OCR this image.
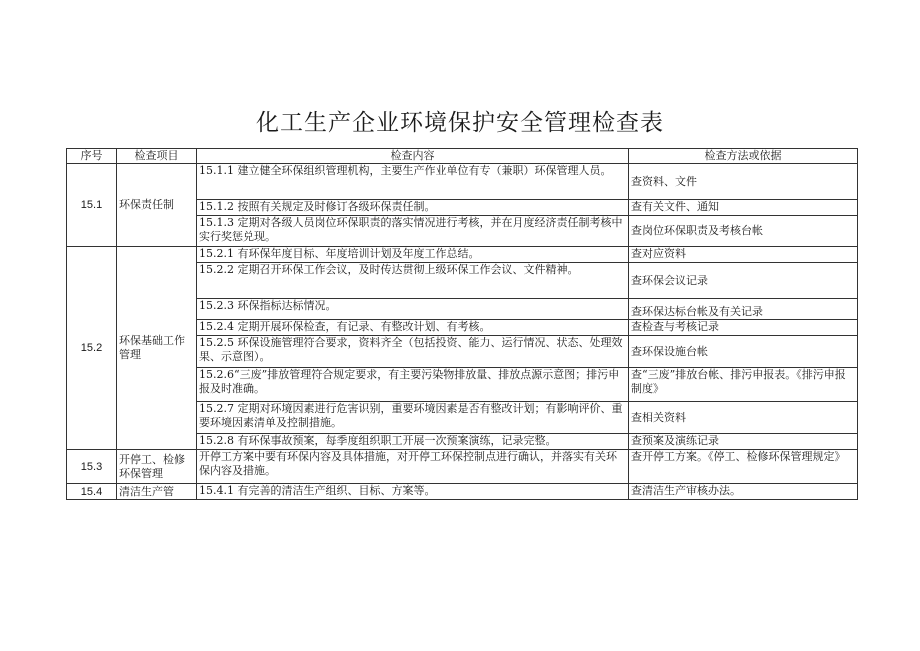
化工生产企业环境保护安全管理检查表
序号	检查项目	检查内容	检查方法或依据
15.1	环保责任制	15.1.1 建立健全环保组织管理机构，主要生产作业单位有专（兼职）环保管理人员。	查资料、文件
		15.1.2 按照有关规定及时修订各级环保责任制。	查有关文件、通知
		15.1.3 定期对各级人员岗位环保职责的落实情况进行考核，并在月度经济责任制考核中实行奖惩兑现。	查岗位环保职责及考核台帐
15.2	环保基础工作管理	15.2.1 有环保年度目标、年度培训计划及年度工作总结。	查对应资料
		15.2.2 定期召开环保工作会议，及时传达贯彻上级环保工作会议、文件精神。	查环保会议记录
		15.2.3 环保指标达标情况。	查环保达标台帐及有关记录
		15.2.4 定期开展环保检查，有记录、有整改计划、有考核。	查检查与考核记录
		15.2.5 环保设施管理符合要求，资料齐全（包括投资、能力、运行情况、状态、处理效果、示意图）。	查环保设施台帐
		15.2.6“三废”排放管理符合规定要求，有主要污染物排放量、排放点源示意图；排污申报及时准确。	查“三废”排放台帐、排污申报表。《排污申报制度》
		15.2.7 定期对环境因素进行危害识别，重要环境因素是否有整改计划；有影响评价、重要环境因素清单及控制措施。	查相关资料
		15.2.8 有环保事故预案，每季度组织职工开展一次预案演练，记录完整。	查预案及演练记录
15.3	开停工、检修环保管理	开停工方案中要有环保内容及具体措施，对开停工环保控制点进行确认，并落实有关环保内容及措施。	查开停工方案。《停工、检修环保管理规定》
15.4	清洁生产管	15.4.1 有完善的清洁生产组织、目标、方案等。	查清洁生产审核办法。
